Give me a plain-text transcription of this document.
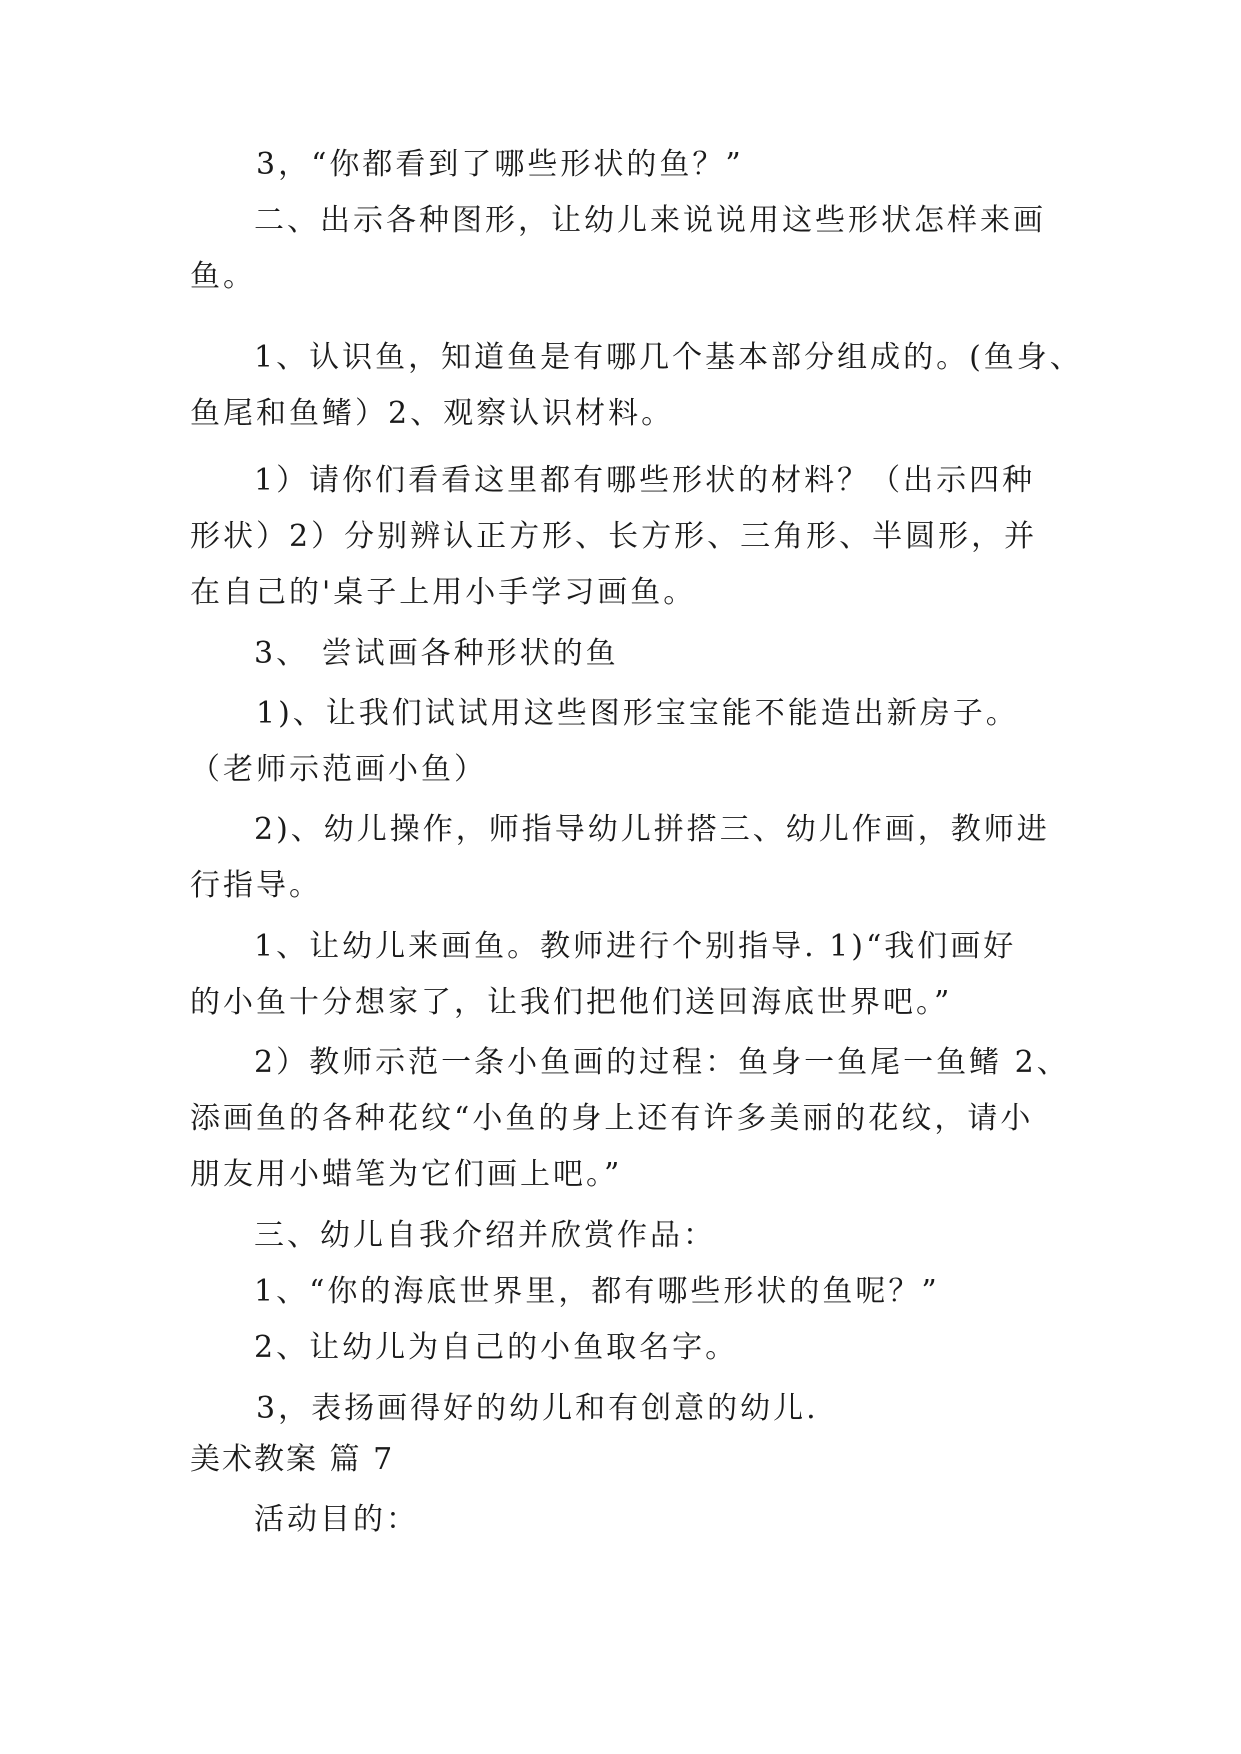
3，“你都看到了哪些形状的鱼？”
二、出示各种图形，让幼儿来说说用这些形状怎样来画
鱼。
1、认识鱼，知道鱼是有哪几个基本部分组成的。(鱼身、
鱼尾和鱼鳍）2、观察认识材料。
1）请你们看看这里都有哪些形状的材料？（出示四种
形状）2）分别辨认正方形、长方形、三角形、半圆形，并
在自己的'桌子上用小手学习画鱼。
3、 尝试画各种形状的鱼
1)、让我们试试用这些图形宝宝能不能造出新房子。
（老师示范画小鱼）
2)、幼儿操作，师指导幼儿拼搭三、幼儿作画，教师进
行指导。
1、让幼儿来画鱼。教师进行个别指导. 1)“我们画好
的小鱼十分想家了，让我们把他们送回海底世界吧。”
2）教师示范一条小鱼画的过程：鱼身一鱼尾一鱼鳍 2、
添画鱼的各种花纹“小鱼的身上还有许多美丽的花纹，请小
朋友用小蜡笔为它们画上吧。”
三、幼儿自我介绍并欣赏作品：
1、“你的海底世界里，都有哪些形状的鱼呢？”
2、让幼儿为自己的小鱼取名字。
3，表扬画得好的幼儿和有创意的幼儿.
美术教案 篇 7
活动目的：
